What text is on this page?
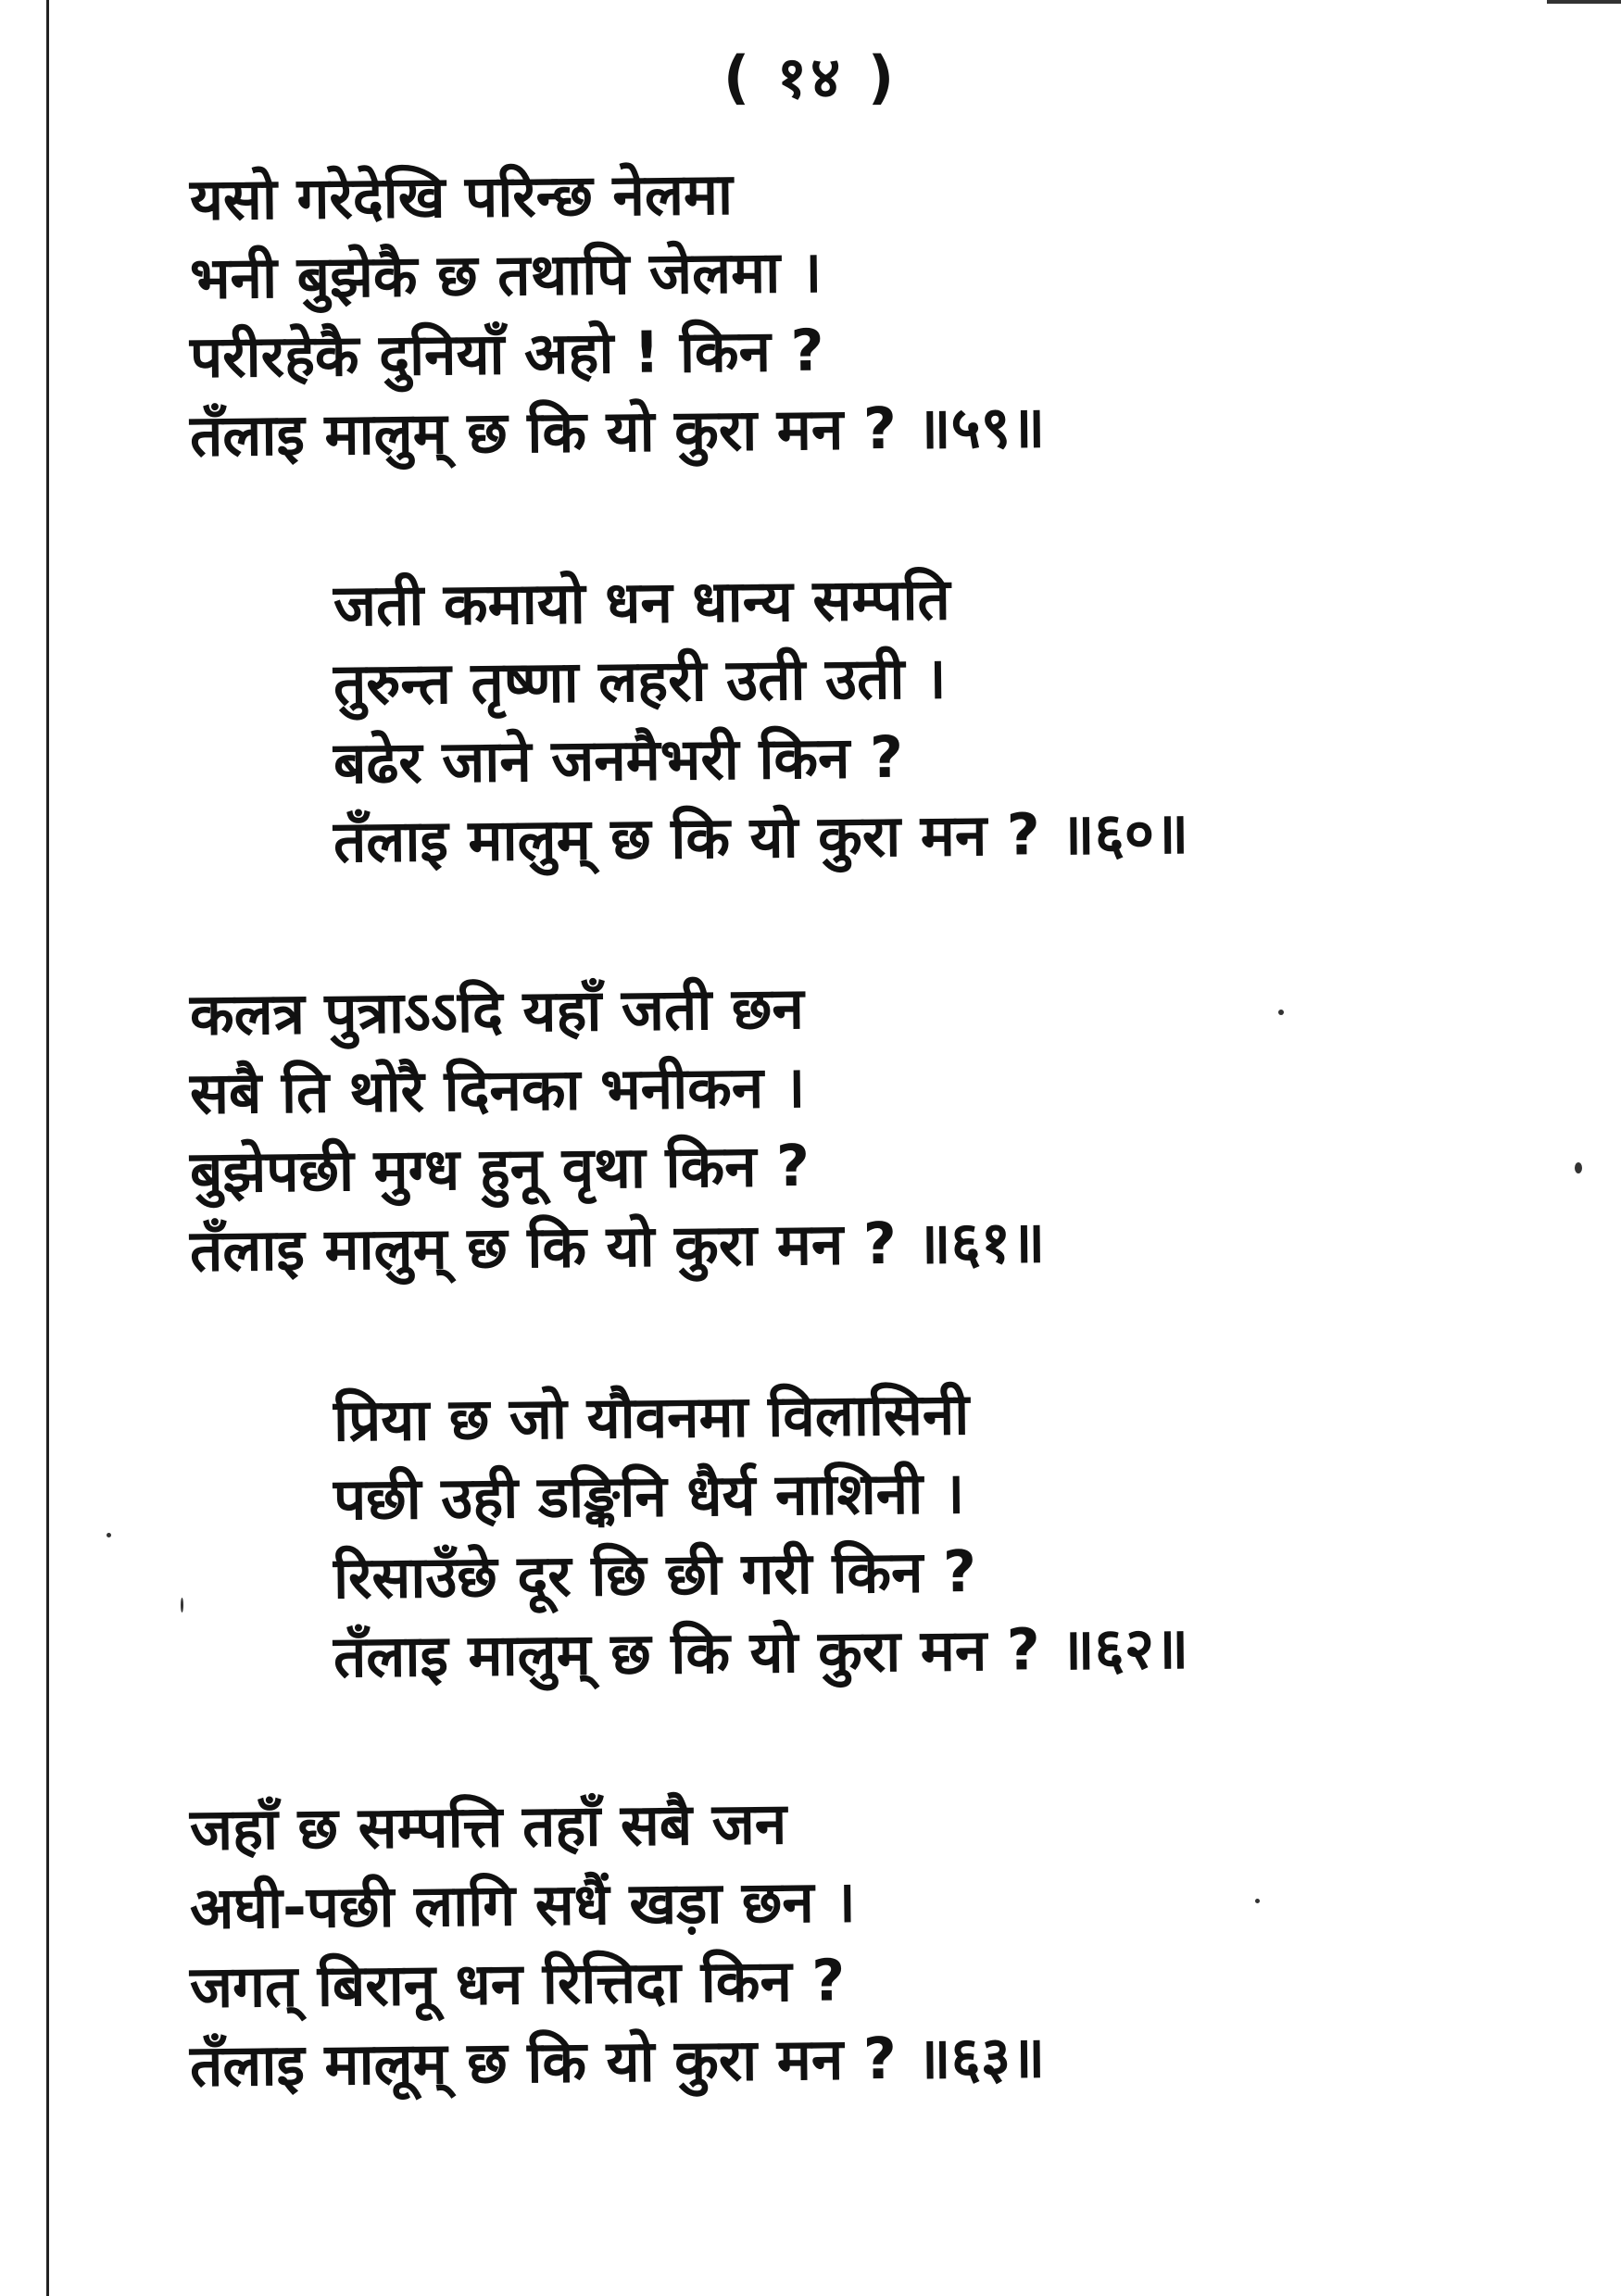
( १४ )
यसो गरेदेखि परिन्छ नेलमा
भनी बुझेकै छ तथापि जेलमा ।
परीरहेकै दुनियाँ अहो ! किन ?
तँलाइ मालुम् छ कि यो कुरा मन ? ॥५९॥
जती कमायो धन धान्य सम्पति
तुरुन्त तृष्णा लहरी उती उती ।
बढेर जाने जनमैभरी किन ?
तँलाइ मालुम् छ कि यो कुरा मन ? ॥६०॥
कलत्र पुत्राऽऽदि यहाँ जती छन
सबै ति थोरै दिनका भनीकन ।
बुझेपछी मुग्ध हुनू वृथा किन ?
तँलाइ मालुम् छ कि यो कुरा मन ? ॥६१॥
प्रिया छ जो यौवनमा विलासिनी
पछी उही डङ्किनि धैर्य नाशिनी ।
रिसाउँछे दूर छि छी गरी किन ?
तँलाइ मालुम् छ कि यो कुरा मन ? ॥६२॥
जहाँ छ सम्पत्ति तहाँ सबै जन
अघी-पछी लागि सधैं खड़ा छन ।
जगत् बिरानू धन रित्तिदा किन ?
तँलाइ मालूम् छ कि यो कुरा मन ? ॥६३॥
